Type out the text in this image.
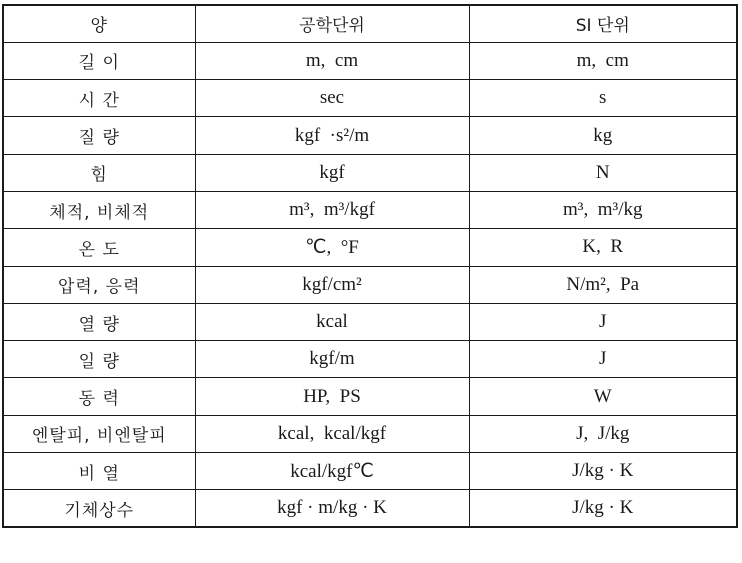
양	공학단위	SI 단위
길 이	m,  cm	m,  cm
시 간	sec	s
질 량	kgf  ·s²/m	kg
힘	kgf	N
체적, 비체적	m³,  m³/kgf	m³,  m³/kg
온 도	℃,  °F	K,  R
압력, 응력	kgf/cm²	N/m²,  Pa
열 량	kcal	J
일 량	kgf/m	J
동 력	HP,  PS	W
엔탈피, 비엔탈피	kcal,  kcal/kgf	J,  J/kg
비 열	kcal/kgf℃	J/kg · K
기체상수	kgf · m/kg · K	J/kg · K
